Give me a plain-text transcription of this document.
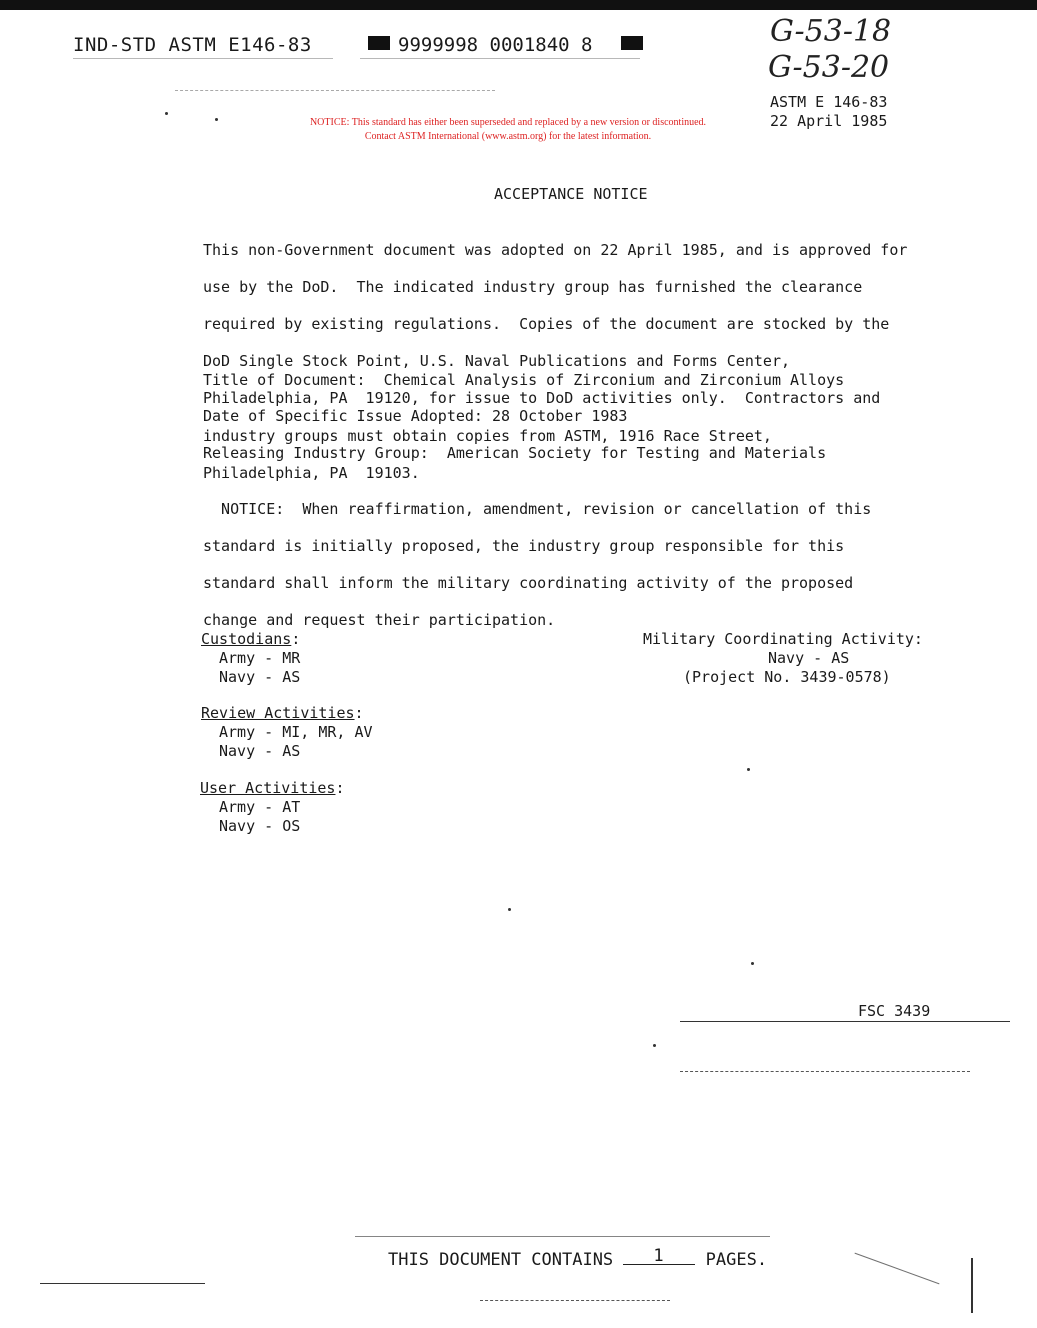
IND-STD ASTM E146-83	9999998 0001840 8	G-53-18
G-53-20
ASTM E 146-83
22 April 1985
NOTICE: This standard has either been superseded and replaced by a new version or discontinued.
Contact ASTM International (www.astm.org) for the latest information.
ACCEPTANCE NOTICE

This non-Government document was adopted on 22 April 1985, and is approved for

use by the DoD.  The indicated industry group has furnished the clearance

required by existing regulations.  Copies of the document are stocked by the

DoD Single Stock Point, U.S. Naval Publications and Forms Center,

Philadelphia, PA  19120, for issue to DoD activities only.  Contractors and

industry groups must obtain copies from ASTM, 1916 Race Street,

Philadelphia, PA  19103.

Title of Document:  Chemical Analysis of Zirconium and Zirconium Alloys
Date of Specific Issue Adopted: 28 October 1983
Releasing Industry Group:  American Society for Testing and Materials

NOTICE:  When reaffirmation, amendment, revision or cancellation of this

standard is initially proposed, the industry group responsible for this

standard shall inform the military coordinating activity of the proposed

change and request their participation.

Custodians:
Army - MR
Navy - AS
Review Activities:
Army - MI, MR, AV
Navy - AS
User Activities:
Army - AT
Navy - OS
Military Coordinating Activity:
Navy - AS
(Project No. 3439-0578)
FSC 3439
THIS DOCUMENT CONTAINS 1 PAGES.
